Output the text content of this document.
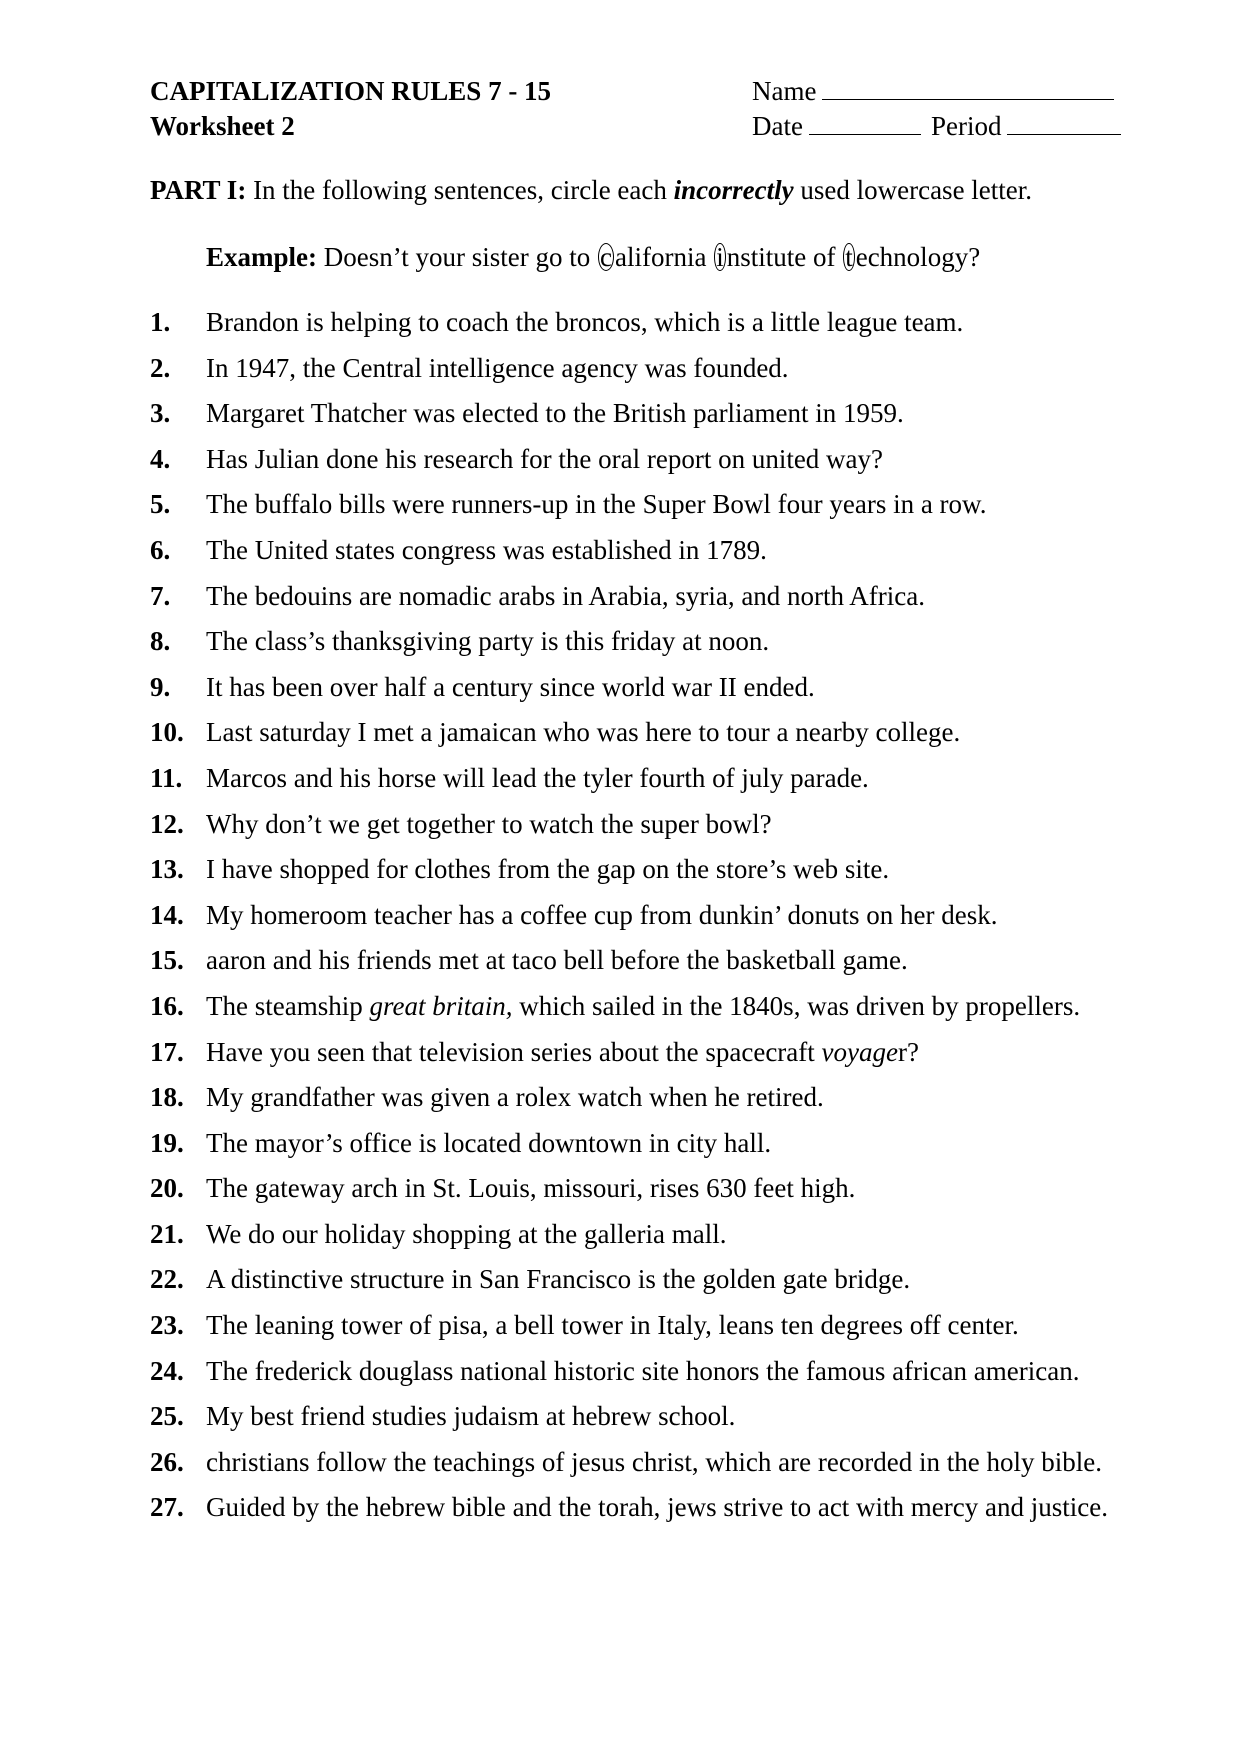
CAPITALIZATION RULES 7 - 15
Worksheet 2
Name
Date	Period
PART I: In the following sentences, circle each incorrectly used lowercase letter.
Example: Doesn’t your sister go to c alifornia i nstitute of t echnology?
1. Brandon is helping to coach the broncos, which is a little league team.
2. In 1947, the Central intelligence agency was founded.
3. Margaret Thatcher was elected to the British parliament in 1959.
4. Has Julian done his research for the oral report on united way?
5. The buffalo bills were runners-up in the Super Bowl four years in a row.
6. The United states congress was established in 1789.
7. The bedouins are nomadic arabs in Arabia, syria, and north Africa.
8. The class’s thanksgiving party is this friday at noon.
9. It has been over half a century since world war II ended.
10. Last saturday I met a jamaican who was here to tour a nearby college.
11. Marcos and his horse will lead the tyler fourth of july parade.
12. Why don’t we get together to watch the super bowl?
13. I have shopped for clothes from the gap on the store’s web site.
14. My homeroom teacher has a coffee cup from dunkin’ donuts on her desk.
15. aaron and his friends met at taco bell before the basketball game.
16. The steamship great britain, which sailed in the 1840s, was driven by propellers.
17. Have you seen that television series about the spacecraft voyager?
18. My grandfather was given a rolex watch when he retired.
19. The mayor’s office is located downtown in city hall.
20. The gateway arch in St. Louis, missouri, rises 630 feet high.
21. We do our holiday shopping at the galleria mall.
22. A distinctive structure in San Francisco is the golden gate bridge.
23. The leaning tower of pisa, a bell tower in Italy, leans ten degrees off center.
24. The frederick douglass national historic site honors the famous african american.
25. My best friend studies judaism at hebrew school.
26. christians follow the teachings of jesus christ, which are recorded in the holy bible.
27. Guided by the hebrew bible and the torah, jews strive to act with mercy and justice.
